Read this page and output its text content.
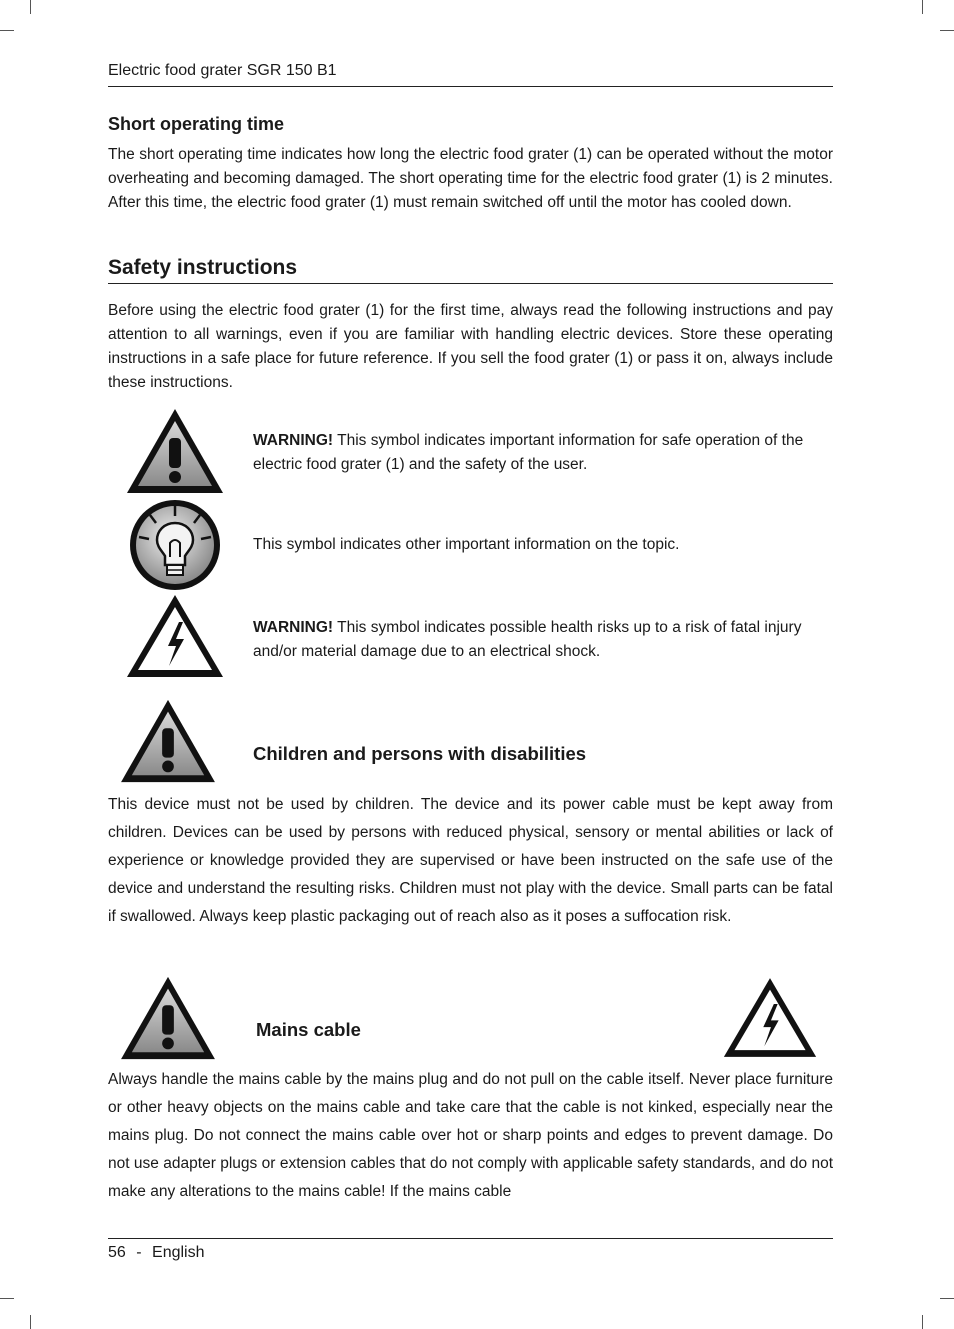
Electric food grater SGR 150 B1
Short operating time

The short operating time indicates how long the electric food grater (1) can be operated without the motor overheating and becoming damaged. The short operating time for the electric food grater (1) is 2 minutes. After this time, the electric food grater (1) must remain switched off until the motor has cooled down.

Safety instructions

Before using the electric food grater (1) for the first time, always read the following instructions and pay attention to all warnings, even if you are familiar with handling electric devices. Store these operating instructions in a safe place for future reference. If you sell the food grater (1) or pass it on, always include these instructions.

WARNING! This symbol indicates important information for safe operation of the electric food grater (1) and the safety of the user.

This symbol indicates other important information on the topic.

WARNING! This symbol indicates possible health risks up to a risk of fatal injury and/or material damage due to an electrical shock.

Children and persons with disabilities

This device must not be used by children. The device and its power cable must be kept away from children. Devices can be used by persons with reduced physical, sensory or mental abilities or lack of experience or knowledge provided they are supervised or have been instructed on the safe use of the device and understand the resulting risks. Children must not play with the device. Small parts can be fatal if swallowed. Always keep plastic packaging out of reach also as it poses a suffocation risk.

Mains cable

Always handle the mains cable by the mains plug and do not pull on the cable itself. Never place furniture or other heavy objects on the mains cable and take care that the cable is not kinked, especially near the mains plug. Do not connect the mains cable over hot or sharp points and edges to prevent damage. Do not use adapter plugs or extension cables that do not comply with applicable safety standards, and do not make any alterations to the mains cable! If the mains cable

56 - English
